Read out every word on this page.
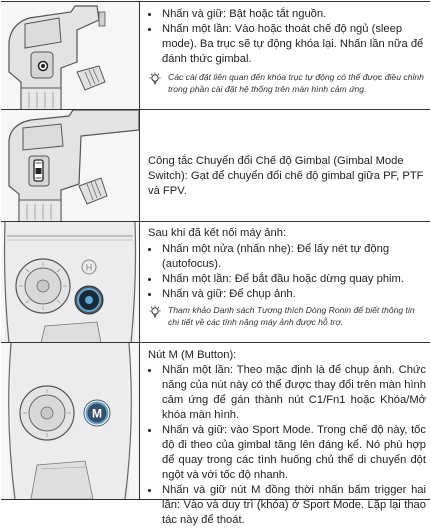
• Nhấn và giữ: Bật hoặc tắt nguồn.
• Nhấn một lần: Vào hoặc thoát chế độ ngủ (sleep mode). Ba trục sẽ tự động khóa lại. Nhấn lần nữa để đánh thức gimbal.
Các cài đặt liên quan đến khóa trục tự động có thể được điều chỉnh trong phần cài đặt hệ thống trên màn hình cảm ứng.
Công tắc Chuyển đổi Chế độ Gimbal (Gimbal Mode Switch): Gạt để chuyển đổi chế độ gimbal giữa PF, PTF và FPV.
H
Sau khi đã kết nối máy ảnh:
• Nhấn một nửa (nhấn nhẹ): Để lấy nét tự động (autofocus).
• Nhấn một lần: Để bắt đầu hoặc dừng quay phim.
• Nhấn và giữ: Để chụp ảnh.
Tham khảo Danh sách Tương thích Dòng Ronin để biết thông tin chi tiết về các tính năng máy ảnh được hỗ trợ.
M
Nút M (M Button):
• Nhấn một lần: Theo mặc định là để chụp ảnh. Chức năng của nút này có thể được thay đổi trên màn hình cảm ứng để gán thành nút C1/Fn1 hoặc Khóa/Mở khóa màn hình.
• Nhấn và giữ: vào Sport Mode. Trong chế độ này, tốc độ đi theo của gimbal tăng lên đáng kể. Nó phù hợp để quay trong các tình huống chủ thể di chuyển đột ngột và với tốc độ nhanh.
• Nhấn và giữ nút M đồng thời nhấn bấm trigger hai lần: Vào và duy trì (khóa) ở Sport Mode. Lặp lại thao tác này để thoát.
